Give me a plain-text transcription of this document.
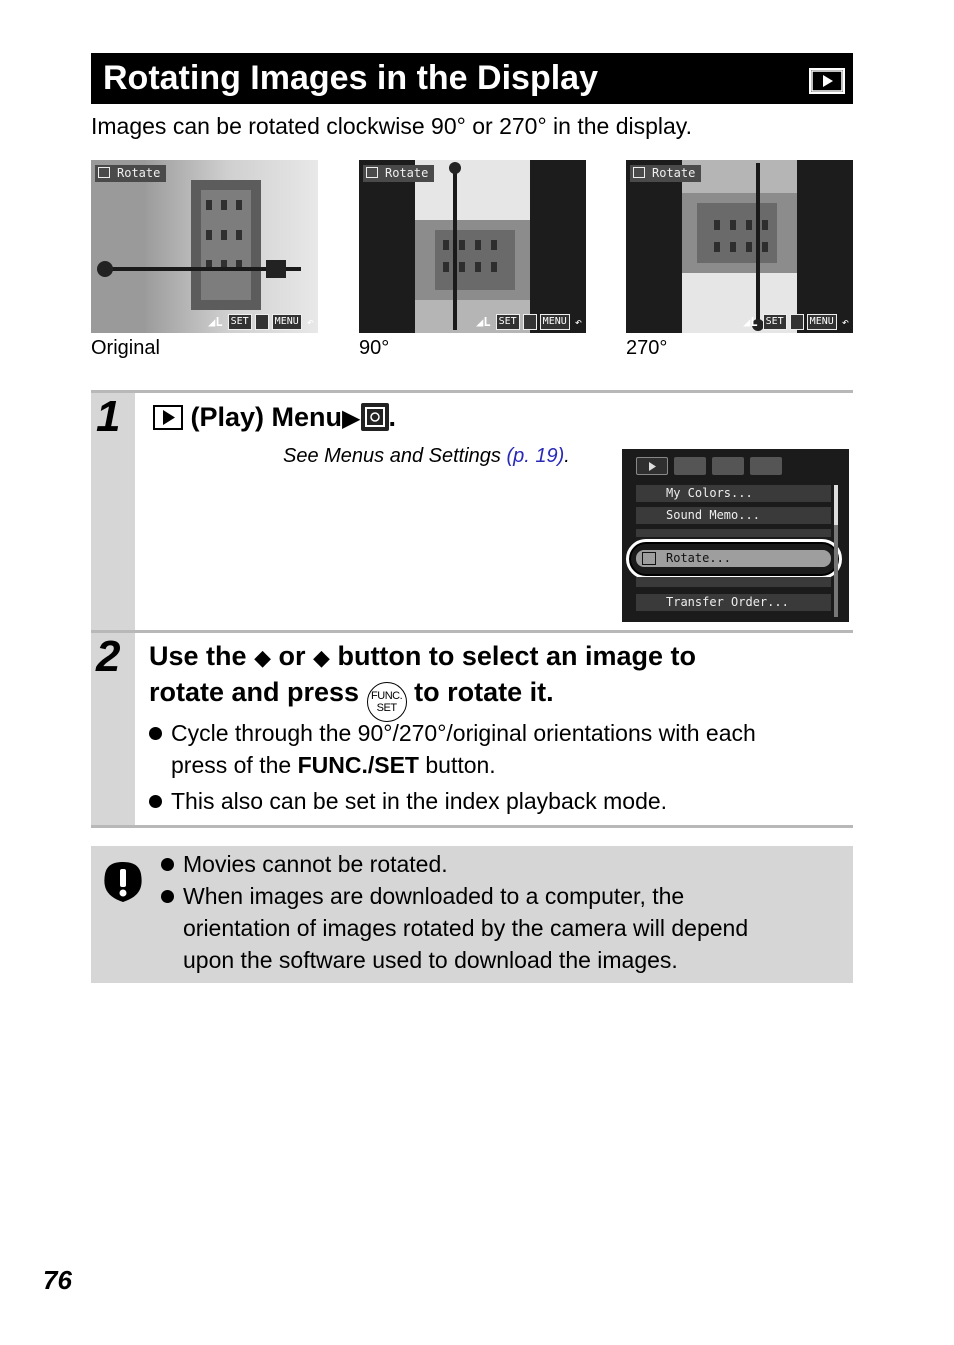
Rotating Images in the Display
Images can be rotated clockwise 90° or 270° in the display.
Rotate
◢L SET	MENU ↶
Original
Rotate
◢L SET	MENU ↶
90°
Rotate
◢L SET	MENU ↶
270°
1	(Play) Menu▶ .
See Menus and Settings (p. 19).
My Colors...
Sound Memo...
Rotate...
Transfer Order...
2 Use the ◆ or ◆ button to select an image to
rotate and press FUNC.
SET to rotate it.
Cycle through the 90°/270°/original orientations with each
press of the FUNC./SET button.
This also can be set in the index playback mode.
Movies cannot be rotated.
When images are downloaded to a computer, the
orientation of images rotated by the camera will depend
upon the software used to download the images.
76
